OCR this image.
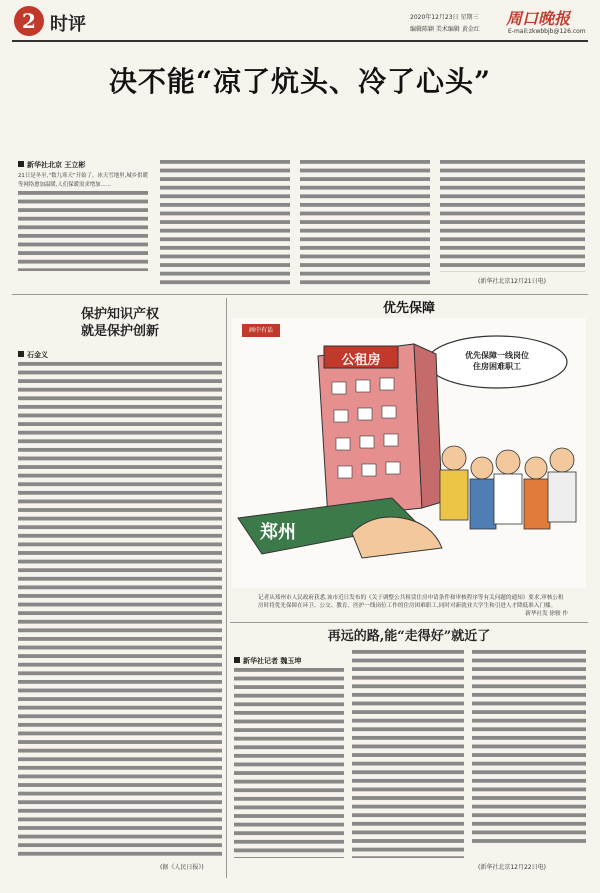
2 时评	2020年12月23日 星期三
编辑陈颖 美术编辑 黄金红
周口晚报
E-mail:zkwbbjb@126.com
决不能“凉了炕头、冷了心头”
新华社北京 王立彬
21日是冬至,“数九寒天”开始了。冰天雪地里,城乡供暖等网络愈加温暖,人们保暖需求增加......
(新华社北京12月21日电)
保护知识产权
就是保护创新
石金义
(据《人民日报》)
优先保障
画中有话
公租房
郑州
优先保障一线岗位
住房困难职工
记者从郑州市人民政府获悉,该市近日发布的《关于调整公共租赁住房申请条件和审核程序等有关问题的通知》要求,审核公租房时将优先保障在环卫、公交、教育、医护一线岗位工作的住房困难职工,同时对新就业大学生和引进人才降低准入门槛。
新华社发 徐骏 作
再远的路,能“走得好”就近了
新华社记者 魏玉坤
(新华社北京12月22日电)
